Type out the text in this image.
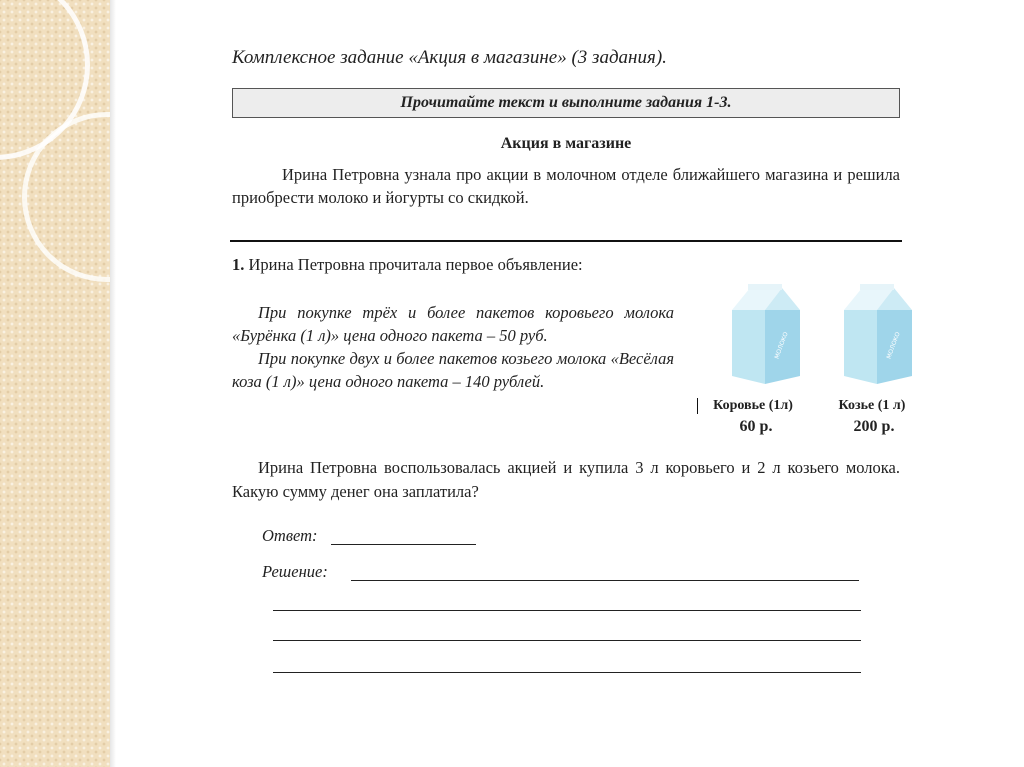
Комплексное задание «Акция в магазине» (3 задания).
Прочитайте текст и выполните задания 1-3.
Акция в магазине
Ирина Петровна узнала про акции в молочном отделе ближайшего магазина и решила приобрести молоко и йогурты со скидкой.
1. Ирина Петровна прочитала первое объявление:

При покупке трёх и более пакетов коровьего молока «Бурёнка (1 л)» цена одного пакета – 50 руб.

При покупке двух и более пакетов козьего молока «Весёлая коза (1 л)» цена одного пакета – 140 рублей.

МОЛОКО	МОЛОКО
Коровье (1л)	Козье (1 л)
60 р.	200 р.
Ирина Петровна воспользовалась акцией и купила 3 л коровьего и 2 л козьего молока. Какую сумму денег она заплатила?
Ответ:
Решение:
